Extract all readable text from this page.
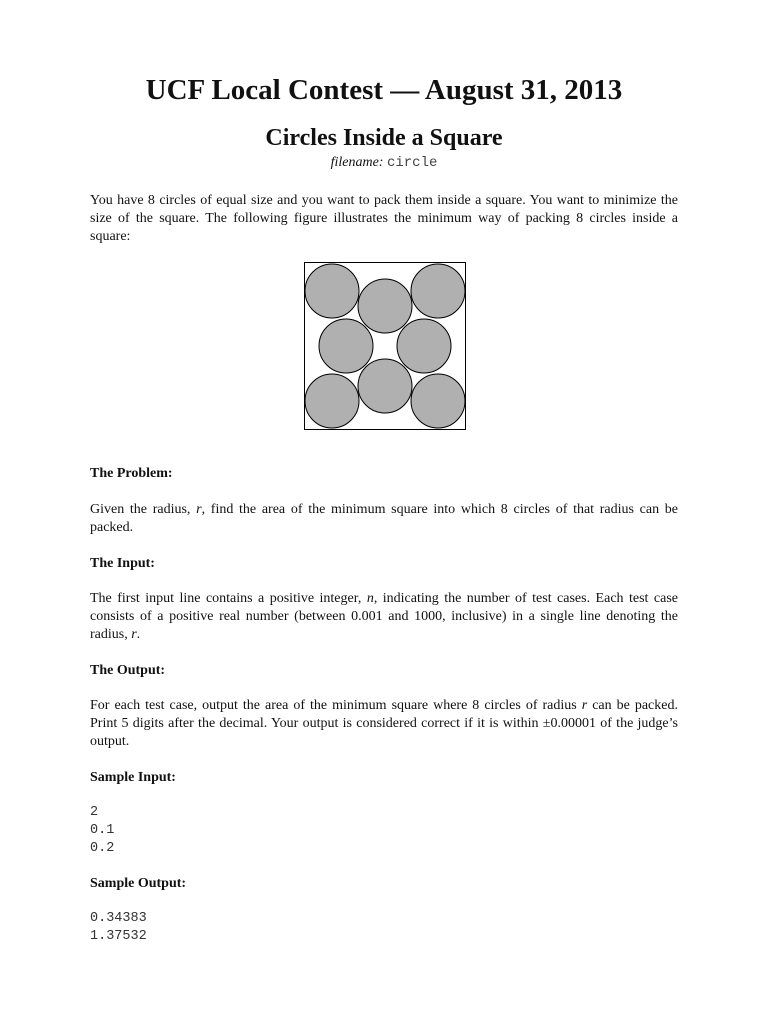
UCF Local Contest — August 31, 2013
Circles Inside a Square
filename: circle
You have 8 circles of equal size and you want to pack them inside a square. You want to minimize the size of the square. The following figure illustrates the minimum way of packing 8 circles inside a square:
The Problem:
Given the radius, r, find the area of the minimum square into which 8 circles of that radius can be packed.
The Input:
The first input line contains a positive integer, n, indicating the number of test cases. Each test case consists of a positive real number (between 0.001 and 1000, inclusive) in a single line denoting the radius, r.
The Output:
For each test case, output the area of the minimum square where 8 circles of radius r can be packed. Print 5 digits after the decimal. Your output is considered correct if it is within ±0.00001 of the judge’s output.
Sample Input:
2
0.1
0.2
Sample Output:
0.34383
1.37532
